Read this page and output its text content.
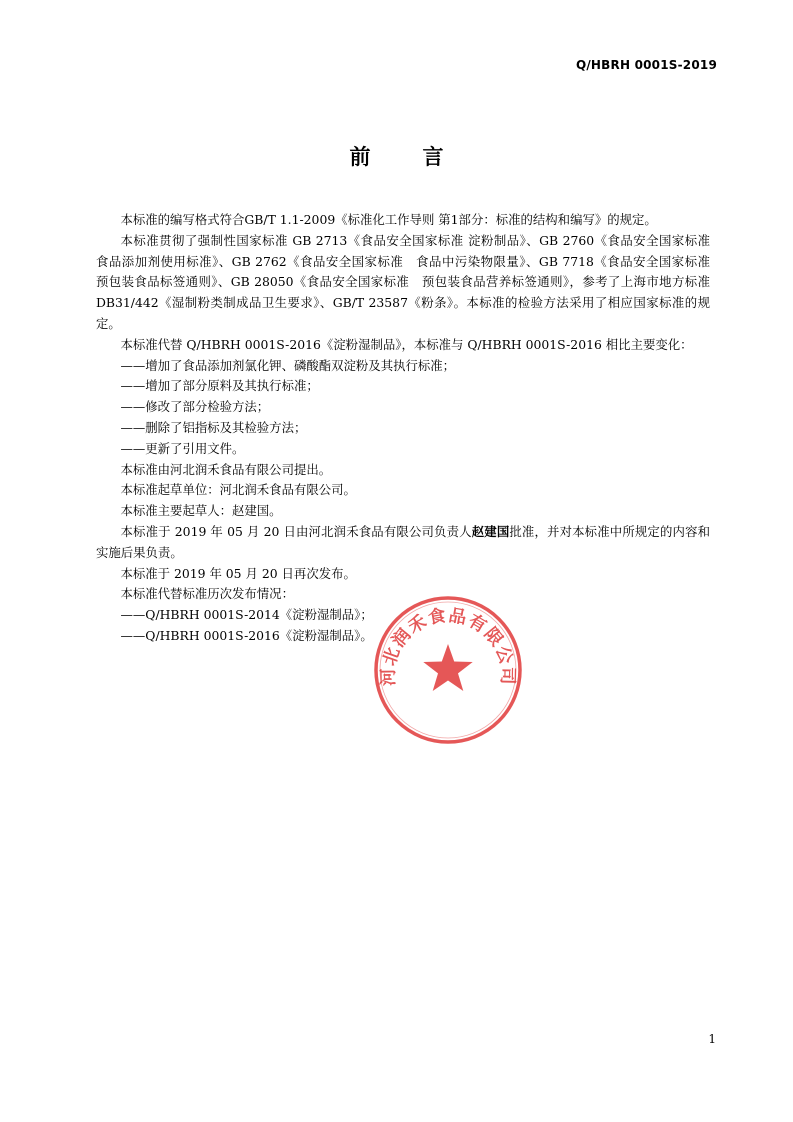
Q/HBRH 0001S-2019
前言

本标准的编写格式符合GB/T 1.1-2009《标准化工作导则 第1部分：标准的结构和编写》的规定。

本标准贯彻了强制性国家标准 GB 2713《食品安全国家标准 淀粉制品》、GB 2760《食品安全国家标准　食品添加剂使用标准》、GB 2762《食品安全国家标准　食品中污染物限量》、GB 7718《食品安全国家标准　预包装食品标签通则》、GB 28050《食品安全国家标准　预包装食品营养标签通则》，参考了上海市地方标准 DB31/442《湿制粉类制成品卫生要求》、GB/T 23587《粉条》。本标准的检验方法采用了相应国家标准的规定。

本标准代替 Q/HBRH 0001S-2016《淀粉湿制品》，本标准与 Q/HBRH 0001S-2016 相比主要变化：

——增加了食品添加剂氯化钾、磷酸酯双淀粉及其执行标准；

——增加了部分原料及其执行标准；

——修改了部分检验方法；

——删除了铝指标及其检验方法；

——更新了引用文件。

本标准由河北润禾食品有限公司提出。

本标准起草单位：河北润禾食品有限公司。

本标准主要起草人：赵建国。

本标准于 2019 年 05 月 20 日由河北润禾食品有限公司负责人赵建国批准，并对本标准中所规定的内容和实施后果负责。

本标准于 2019 年 05 月 20 日再次发布。

本标准代替标准历次发布情况：

——Q/HBRH 0001S-2014《淀粉湿制品》；

——Q/HBRH 0001S-2016《淀粉湿制品》。

河北润禾食品有限公司
1
